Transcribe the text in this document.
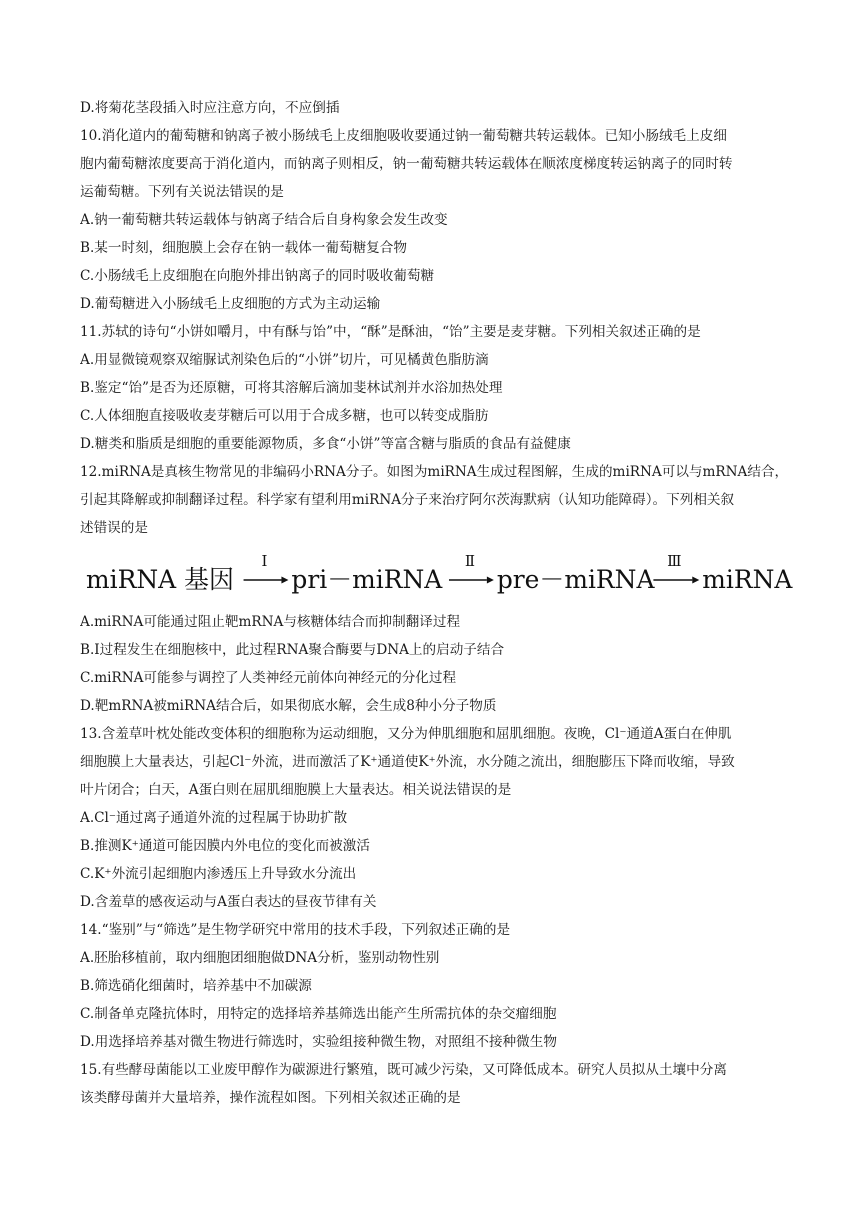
D.将菊花茎段插入时应注意方向，不应倒插
10.消化道内的葡萄糖和钠离子被小肠绒毛上皮细胞吸收要通过钠一葡萄糖共转运载体。已知小肠绒毛上皮细
胞内葡萄糖浓度要高于消化道内，而钠离子则相反，钠一葡萄糖共转运载体在顺浓度梯度转运钠离子的同时转
运葡萄糖。下列有关说法错误的是
A.钠一葡萄糖共转运载体与钠离子结合后自身构象会发生改变
B.某一时刻，细胞膜上会存在钠一载体一葡萄糖复合物
C.小肠绒毛上皮细胞在向胞外排出钠离子的同时吸收葡萄糖
D.葡萄糖进入小肠绒毛上皮细胞的方式为主动运输
11.苏轼的诗句“小饼如嚼月，中有酥与饴”中，“酥”是酥油，“饴”主要是麦芽糖。下列相关叙述正确的是
A.用显微镜观察双缩脲试剂染色后的“小饼”切片，可见橘黄色脂肪滴
B.鉴定“饴”是否为还原糖，可将其溶解后滴加斐林试剂并水浴加热处理
C.人体细胞直接吸收麦芽糖后可以用于合成多糖，也可以转变成脂肪
D.糖类和脂质是细胞的重要能源物质，多食“小饼”等富含糖与脂质的食品有益健康
12.miRNA是真核生物常见的非编码小RNA分子。如图为miRNA生成过程图解，生成的miRNA可以与mRNA结合，
引起其降解或抑制翻译过程。科学家有望利用miRNA分子来治疗阿尔茨海默病（认知功能障碍）。下列相关叙
述错误的是
miRNA 基因
Ⅰ
pri－miRNA
Ⅱ
pre－miRNA
Ⅲ
miRNA
A.miRNA可能通过阻止靶mRNA与核糖体结合而抑制翻译过程
B.Ⅰ过程发生在细胞核中，此过程RNA聚合酶要与DNA上的启动子结合
C.miRNA可能参与调控了人类神经元前体向神经元的分化过程
D.靶mRNA被miRNA结合后，如果彻底水解，会生成8种小分子物质
13.含羞草叶枕处能改变体积的细胞称为运动细胞，又分为伸肌细胞和屈肌细胞。夜晚，Cl⁻通道A蛋白在伸肌
细胞膜上大量表达，引起Cl⁻外流，进而激活了K⁺通道使K⁺外流，水分随之流出，细胞膨压下降而收缩，导致
叶片闭合；白天，A蛋白则在屈肌细胞膜上大量表达。相关说法错误的是
A.Cl⁻通过离子通道外流的过程属于协助扩散
B.推测K⁺通道可能因膜内外电位的变化而被激活
C.K⁺外流引起细胞内渗透压上升导致水分流出
D.含羞草的感夜运动与A蛋白表达的昼夜节律有关
14.“鉴别”与“筛选”是生物学研究中常用的技术手段，下列叙述正确的是
A.胚胎移植前，取内细胞团细胞做DNA分析，鉴别动物性别
B.筛选硝化细菌时，培养基中不加碳源
C.制备单克隆抗体时，用特定的选择培养基筛选出能产生所需抗体的杂交瘤细胞
D.用选择培养基对微生物进行筛选时，实验组接种微生物，对照组不接种微生物
15.有些酵母菌能以工业废甲醇作为碳源进行繁殖，既可减少污染，又可降低成本。研究人员拟从土壤中分离
该类酵母菌并大量培养，操作流程如图。下列相关叙述正确的是
